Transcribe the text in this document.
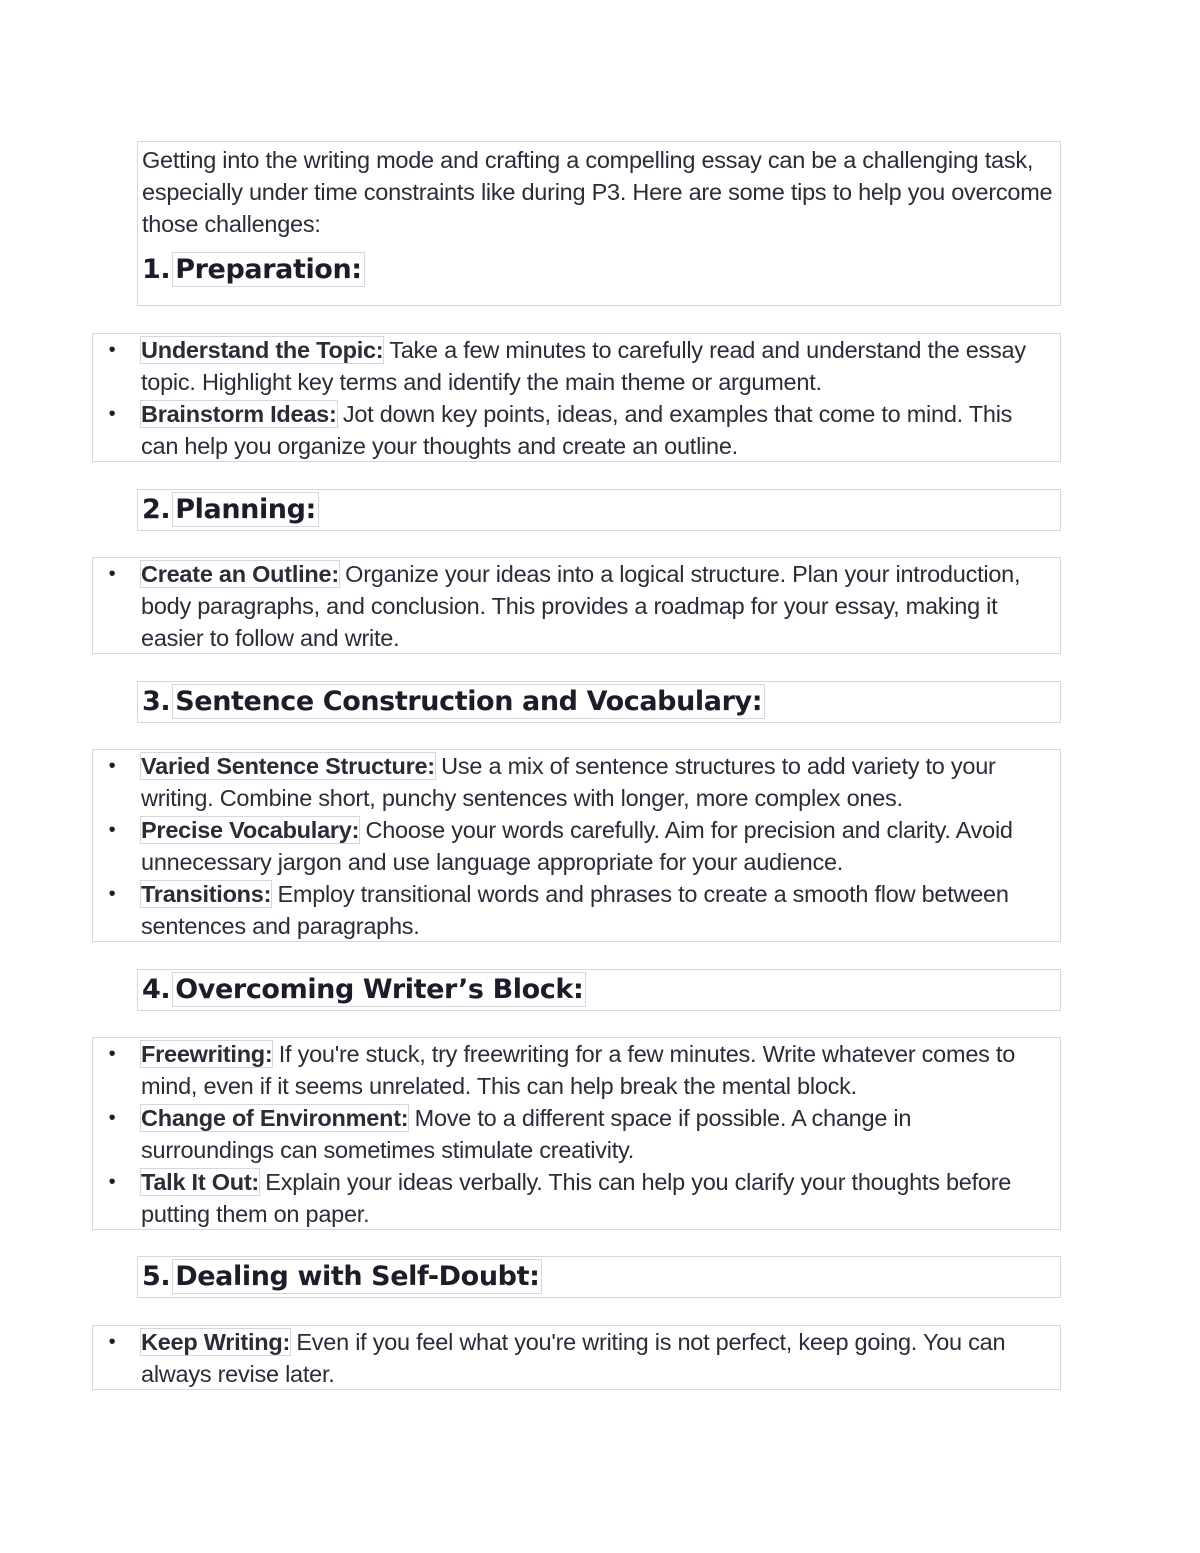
Getting into the writing mode and crafting a compelling essay can be a challenging task, especially under time constraints like during P3. Here are some tips to help you overcome those challenges:
1. Preparation:
• Understand the Topic: Take a few minutes to carefully read and understand the essay topic. Highlight key terms and identify the main theme or argument.
• Brainstorm Ideas: Jot down key points, ideas, and examples that come to mind. This can help you organize your thoughts and create an outline.
2. Planning:
• Create an Outline: Organize your ideas into a logical structure. Plan your introduction, body paragraphs, and conclusion. This provides a roadmap for your essay, making it easier to follow and write.
3. Sentence Construction and Vocabulary:
• Varied Sentence Structure: Use a mix of sentence structures to add variety to your writing. Combine short, punchy sentences with longer, more complex ones.
• Precise Vocabulary: Choose your words carefully. Aim for precision and clarity. Avoid unnecessary jargon and use language appropriate for your audience.
• Transitions: Employ transitional words and phrases to create a smooth flow between sentences and paragraphs.
4. Overcoming Writer’s Block:
• Freewriting: If you're stuck, try freewriting for a few minutes. Write whatever comes to mind, even if it seems unrelated. This can help break the mental block.
• Change of Environment: Move to a different space if possible. A change in surroundings can sometimes stimulate creativity.
• Talk It Out: Explain your ideas verbally. This can help you clarify your thoughts before putting them on paper.
5. Dealing with Self-Doubt:
• Keep Writing: Even if you feel what you're writing is not perfect, keep going. You can always revise later.
